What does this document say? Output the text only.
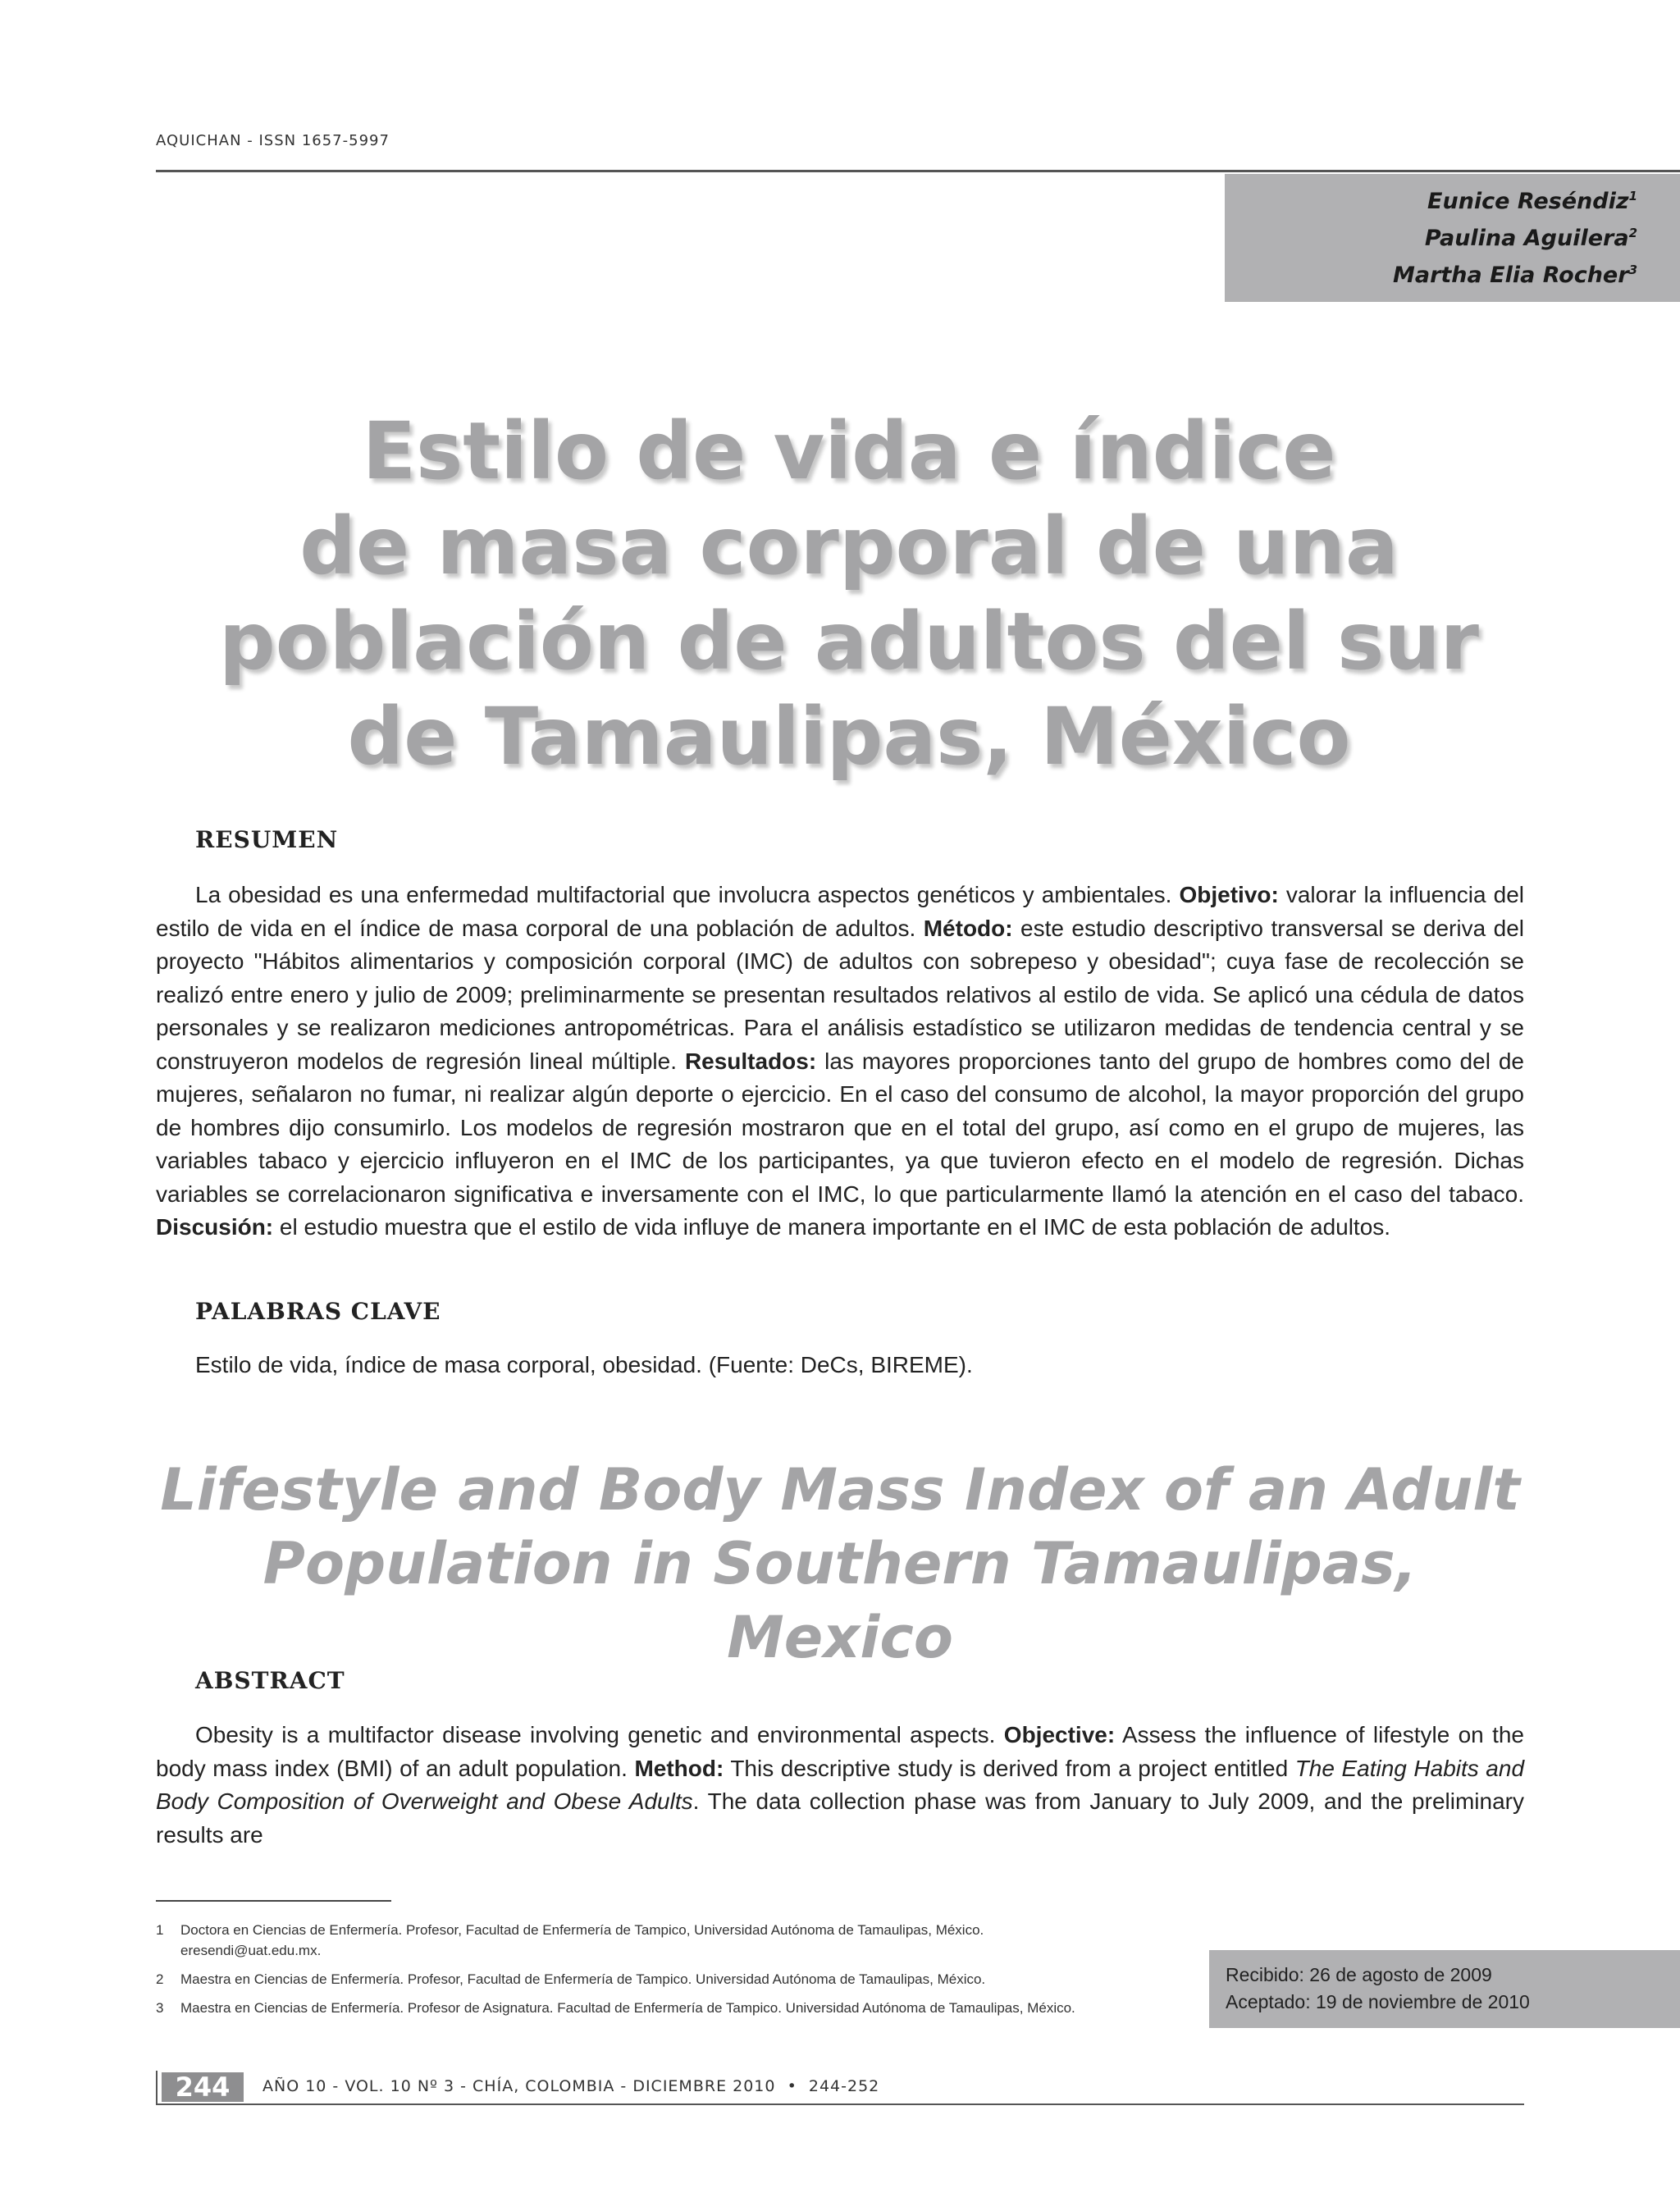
AQUICHAN - ISSN 1657-5997
Eunice Reséndiz$^1$
Paulina Aguilera$^2$
Martha Elia Rocher$^3$
Estilo de vida e índice
de masa corporal de una
población de adultos del sur
de Tamaulipas, México
RESUMEN

La obesidad es una enfermedad multifactorial que involucra aspectos genéticos y ambientales. Objetivo: valorar la influencia del estilo de vida en el índice de masa corporal de una población de adultos. Método: este estudio descriptivo transversal se deriva del proyecto "Hábitos alimentarios y composición corporal (IMC) de adultos con sobrepeso y obesidad"; cuya fase de recolección se realizó entre enero y julio de 2009; preliminarmente se presentan resultados relativos al estilo de vida. Se aplicó una cédula de datos personales y se realizaron mediciones antropométricas. Para el análisis estadístico se utilizaron medidas de tendencia central y se construyeron modelos de regresión lineal múltiple. Resultados: las mayores proporciones tanto del grupo de hombres como del de mujeres, señalaron no fumar, ni realizar algún deporte o ejercicio. En el caso del consumo de alcohol, la mayor proporción del grupo de hombres dijo consumirlo. Los modelos de regresión mostraron que en el total del grupo, así como en el grupo de mujeres, las variables tabaco y ejercicio influyeron en el IMC de los participantes, ya que tuvieron efecto en el modelo de regresión. Dichas variables se correlacionaron significativa e inversamente con el IMC, lo que particularmente llamó la atención en el caso del tabaco. Discusión: el estudio muestra que el estilo de vida influye de manera importante en el IMC de esta población de adultos.

PALABRAS CLAVE

Estilo de vida, índice de masa corporal, obesidad. (Fuente: DeCs, BIREME).

Lifestyle and Body Mass Index of an Adult
Population in Southern Tamaulipas, Mexico
ABSTRACT

Obesity is a multifactor disease involving genetic and environmental aspects. Objective: Assess the influence of lifestyle on the body mass index (BMI) of an adult population. Method: This descriptive study is derived from a project entitled The Eating Habits and Body Composition of Overweight and Obese Adults. The data collection phase was from January to July 2009, and the preliminary results are

1	Doctora en Ciencias de Enfermería. Profesor, Facultad de Enfermería de Tampico, Universidad Autónoma de Tamaulipas, México.
eresendi@uat.edu.mx.
2	Maestra en Ciencias de Enfermería. Profesor, Facultad de Enfermería de Tampico. Universidad Autónoma de Tamaulipas, México.
3	Maestra en Ciencias de Enfermería. Profesor de Asignatura. Facultad de Enfermería de Tampico. Universidad Autónoma de Tamaulipas, México.
Recibido: 26 de agosto de 2009
Aceptado: 19 de noviembre de 2010
244	AÑO 10 - VOL. 10 Nº 3 - CHÍA, COLOMBIA - DICIEMBRE 2010 • 244-252
